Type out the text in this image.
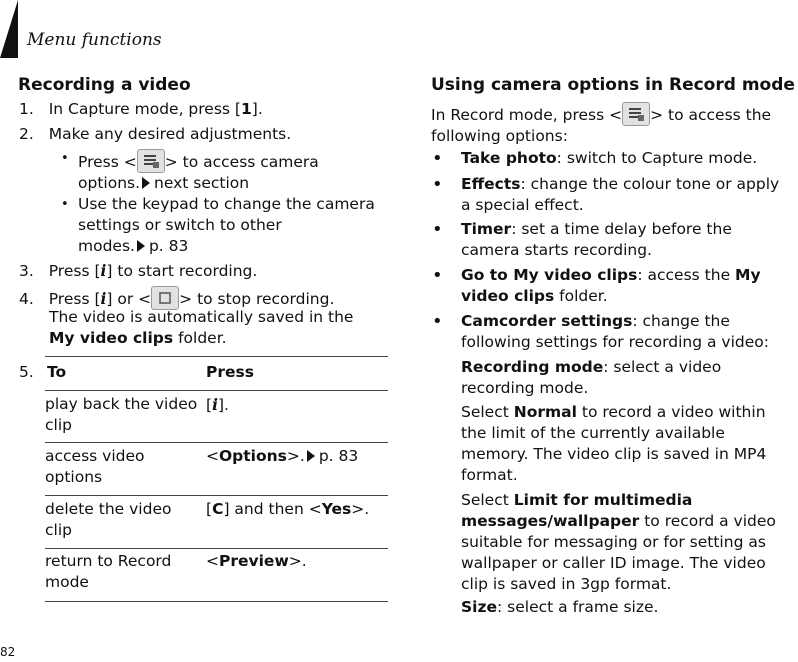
Menu functions
82
Recording a video
1. In Capture mode, press [1].
2. Make any desired adjustments.
• Press < > to access camera
options. next section
• Use the keypad to change the camera
settings or switch to other
modes. p. 83
3. Press [i] to start recording.
4. Press [i] or < > to stop recording.
The video is automatically saved in the
My video clips folder.
5. To	Press
play back the video
clip
[i].
access video
options
<Options>. p. 83
delete the video
clip
[C] and then <Yes>.
return to Record
mode
<Preview>.
Using camera options in Record mode
In Record mode, press < > to access the
following options:
• Take photo: switch to Capture mode.
• Effects: change the colour tone or apply
a special effect.
• Timer: set a time delay before the
camera starts recording.
• Go to My video clips: access the My
video clips folder.
• Camcorder settings: change the
following settings for recording a video:
Recording mode: select a video
recording mode.
Select Normal to record a video within
the limit of the currently available
memory. The video clip is saved in MP4
format.
Select Limit for multimedia
messages/wallpaper to record a video
suitable for messaging or for setting as
wallpaper or caller ID image. The video
clip is saved in 3gp format.
Size: select a frame size.
